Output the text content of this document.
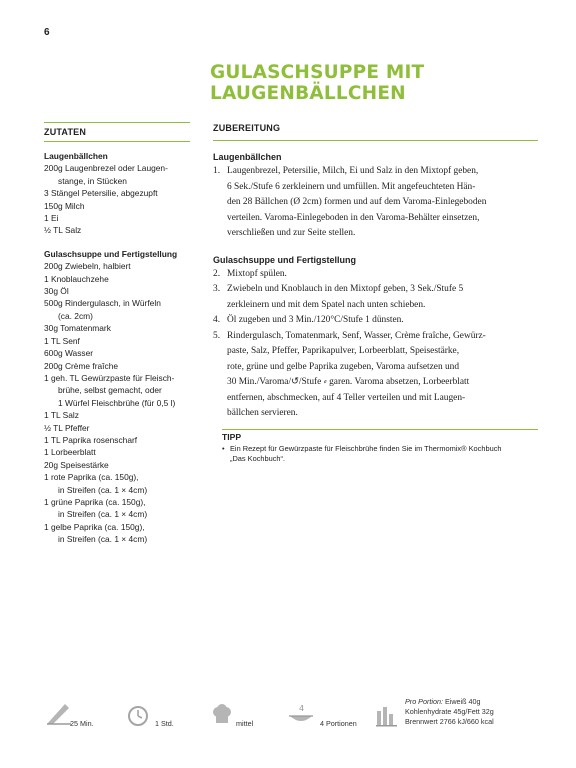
6
GULASCHSUPPE MIT
LAUGENBÄLLCHEN
ZUTATEN	ZUBEREITUNG
Laugenbällchen
200g Laugenbrezel oder Laugen-
stange, in Stücken
3 Stängel Petersilie, abgezupft
150g Milch
1 Ei
½ TL Salz
Gulaschsuppe und Fertigstellung
200g Zwiebeln, halbiert
1 Knoblauchzehe
30g Öl
500g Rindergulasch, in Würfeln
(ca. 2cm)
30g Tomatenmark
1 TL Senf
600g Wasser
200g Crème fraîche
1 geh. TL Gewürzpaste für Fleisch-
brühe, selbst gemacht, oder
1 Würfel Fleischbrühe (für 0,5 l)
1 TL Salz
½ TL Pfeffer
1 TL Paprika rosenscharf
1 Lorbeerblatt
20g Speisestärke
1 rote Paprika (ca. 150g),
in Streifen (ca. 1 × 4cm)
1 grüne Paprika (ca. 150g),
in Streifen (ca. 1 × 4cm)
1 gelbe Paprika (ca. 150g),
in Streifen (ca. 1 × 4cm)
Laugenbällchen
1. Laugenbrezel, Petersilie, Milch, Ei und Salz in den Mixtopf geben,
6 Sek./Stufe 6 zerkleinern und umfüllen. Mit angefeuchteten Hän-
den 28 Bällchen (Ø 2cm) formen und auf dem Varoma-Einlegeboden
verteilen. Varoma-Einlegeboden in den Varoma-Behälter einsetzen,
verschließen und zur Seite stellen.
Gulaschsuppe und Fertigstellung
2. Mixtopf spülen.
3. Zwiebeln und Knoblauch in den Mixtopf geben, 3 Sek./Stufe 5
zerkleinern und mit dem Spatel nach unten schieben.
4. Öl zugeben und 3 Min./120°C/Stufe 1 dünsten.
5. Rindergulasch, Tomatenmark, Senf, Wasser, Crème fraîche, Gewürz-
paste, Salz, Pfeffer, Paprikapulver, Lorbeerblatt, Speisestärke,
rote, grüne und gelbe Paprika zugeben, Varoma aufsetzen und
30 Min./Varoma/↺/Stufe ⸗ garen. Varoma absetzen, Lorbeerblatt
entfernen, abschmecken, auf 4 Teller verteilen und mit Laugen-
bällchen servieren.
TIPP
• Ein Rezept für Gewürzpaste für Fleischbrühe finden Sie im Thermomix® Kochbuch
„Das Kochbuch“.
25 Min.	1 Std.	mittel
4
4 Portionen
Pro Portion: Eiweiß 40g
Kohlenhydrate 45g/Fett 32g
Brennwert 2766 kJ/660 kcal
